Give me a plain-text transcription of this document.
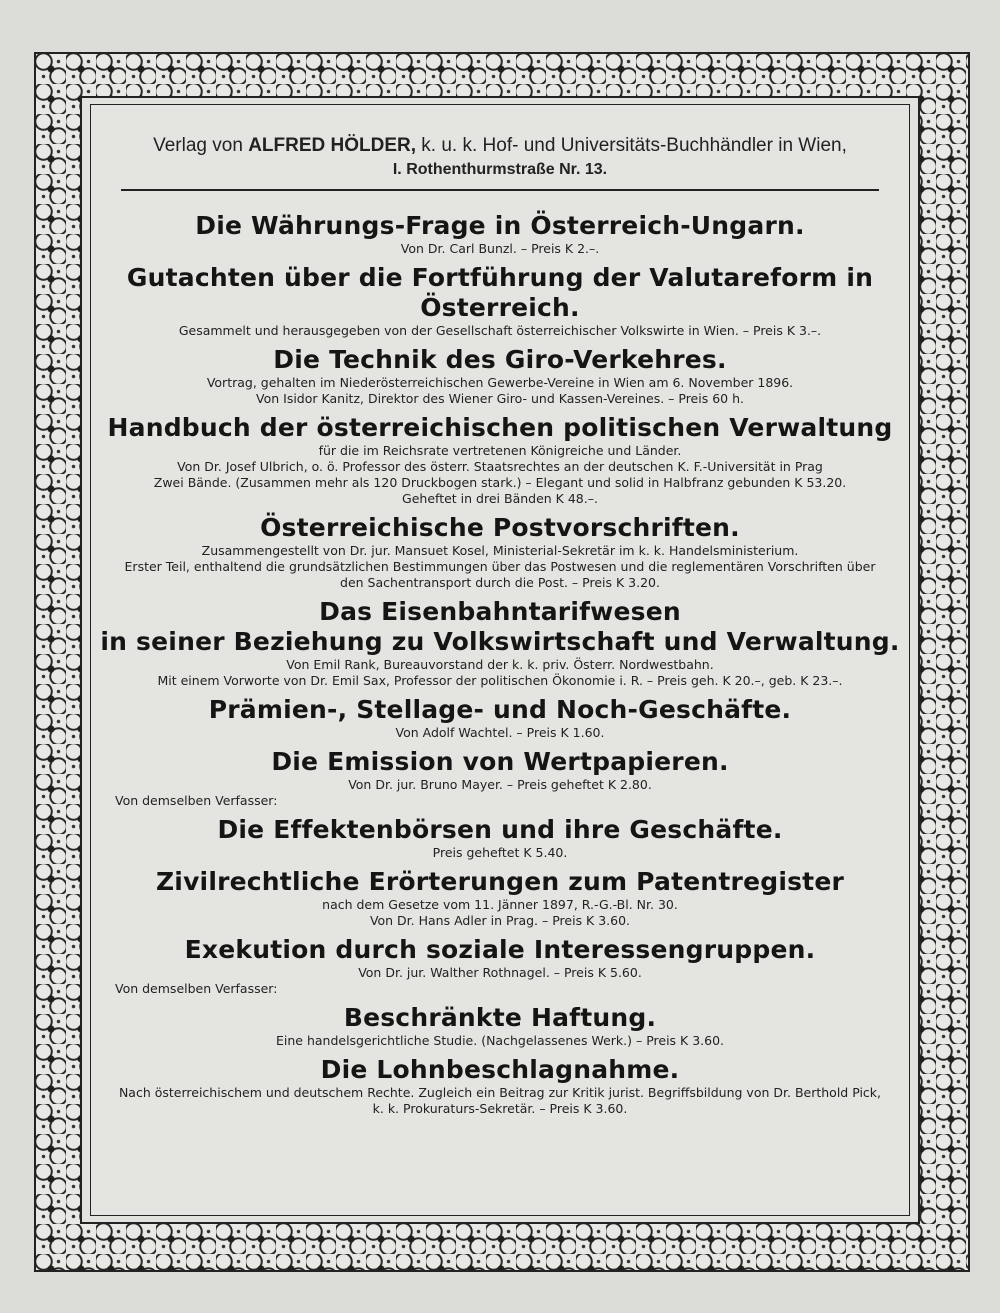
Verlag von ALFRED HÖLDER, k. u. k. Hof- und Universitäts-Buchhändler in Wien,
I. Rothenthurmstraße Nr. 13.
Die Währungs-Frage in Österreich-Ungarn.
Von Dr. Carl Bunzl. – Preis K 2.–.
Gutachten über die Fortführung der Valutareform in Österreich.
Gesammelt und herausgegeben von der Gesellschaft österreichischer Volkswirte in Wien. – Preis K 3.–.
Die Technik des Giro-Verkehres.
Vortrag, gehalten im Niederösterreichischen Gewerbe-Vereine in Wien am 6. November 1896.
Von Isidor Kanitz, Direktor des Wiener Giro- und Kassen-Vereines. – Preis 60 h.
Handbuch der österreichischen politischen Verwaltung
für die im Reichsrate vertretenen Königreiche und Länder.
Von Dr. Josef Ulbrich, o. ö. Professor des österr. Staatsrechtes an der deutschen K. F.-Universität in Prag
Zwei Bände. (Zusammen mehr als 120 Druckbogen stark.) – Elegant und solid in Halbfranz gebunden K 53.20.
Geheftet in drei Bänden K 48.–.
Österreichische Postvorschriften.
Zusammengestellt von Dr. jur. Mansuet Kosel, Ministerial-Sekretär im k. k. Handelsministerium.
Erster Teil, enthaltend die grundsätzlichen Bestimmungen über das Postwesen und die reglementären Vorschriften über
den Sachentransport durch die Post. – Preis K 3.20.
Das Eisenbahntarifwesen
in seiner Beziehung zu Volkswirtschaft und Verwaltung.
Von Emil Rank, Bureauvorstand der k. k. priv. Österr. Nordwestbahn.
Mit einem Vorworte von Dr. Emil Sax, Professor der politischen Ökonomie i. R. – Preis geh. K 20.–, geb. K 23.–.
Prämien-, Stellage- und Noch-Geschäfte.
Von Adolf Wachtel. – Preis K 1.60.
Die Emission von Wertpapieren.
Von Dr. jur. Bruno Mayer. – Preis geheftet K 2.80.
Von demselben Verfasser:
Die Effektenbörsen und ihre Geschäfte.
Preis geheftet K 5.40.
Zivilrechtliche Erörterungen zum Patentregister
nach dem Gesetze vom 11. Jänner 1897, R.-G.-Bl. Nr. 30.
Von Dr. Hans Adler in Prag. – Preis K 3.60.
Exekution durch soziale Interessengruppen.
Von Dr. jur. Walther Rothnagel. – Preis K 5.60.
Von demselben Verfasser:
Beschränkte Haftung.
Eine handelsgerichtliche Studie. (Nachgelassenes Werk.) – Preis K 3.60.
Die Lohnbeschlagnahme.
Nach österreichischem und deutschem Rechte. Zugleich ein Beitrag zur Kritik jurist. Begriffsbildung von Dr. Berthold Pick,
k. k. Prokuraturs-Sekretär. – Preis K 3.60.
